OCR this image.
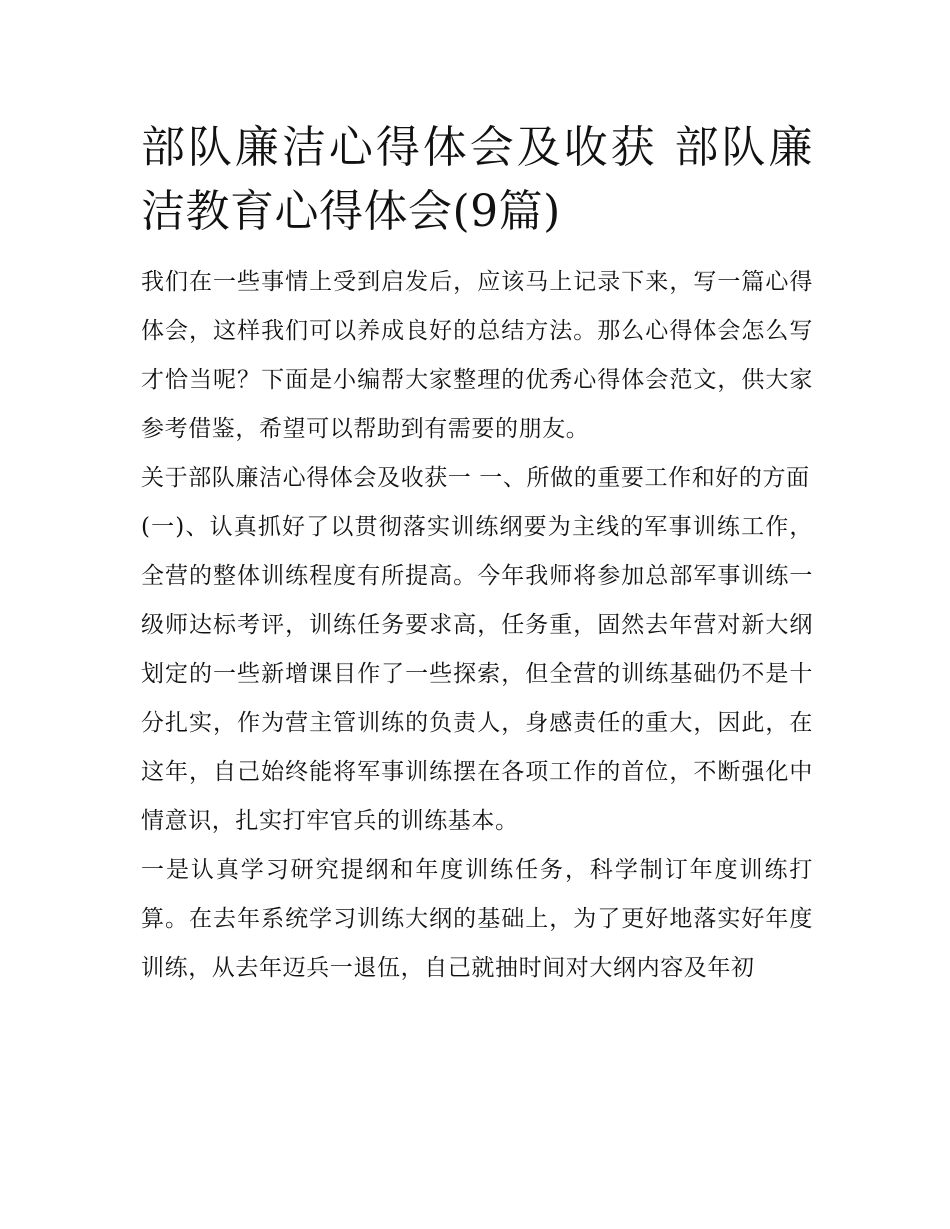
部队廉洁心得体会及收获 部队廉洁教育心得体会(9篇)

我们在一些事情上受到启发后，应该马上记录下来，写一篇心得体会，这样我们可以养成良好的总结方法。那么心得体会怎么写才恰当呢？下面是小编帮大家整理的优秀心得体会范文，供大家参考借鉴，希望可以帮助到有需要的朋友。

关于部队廉洁心得体会及收获一 一、所做的重要工作和好的方面

(一)、认真抓好了以贯彻落实训练纲要为主线的军事训练工作，全营的整体训练程度有所提高。今年我师将参加总部军事训练一级师达标考评，训练任务要求高，任务重，固然去年营对新大纲划定的一些新增课目作了一些探索，但全营的训练基础仍不是十分扎实，作为营主管训练的负责人，身感责任的重大，因此，在这年，自己始终能将军事训练摆在各项工作的首位，不断强化中情意识，扎实打牢官兵的训练基本。

一是认真学习研究提纲和年度训练任务，科学制订年度训练打算。在去年系统学习训练大纲的基础上，为了更好地落实好年度训练，从去年迈兵一退伍，自己就抽时间对大纲内容及年初
